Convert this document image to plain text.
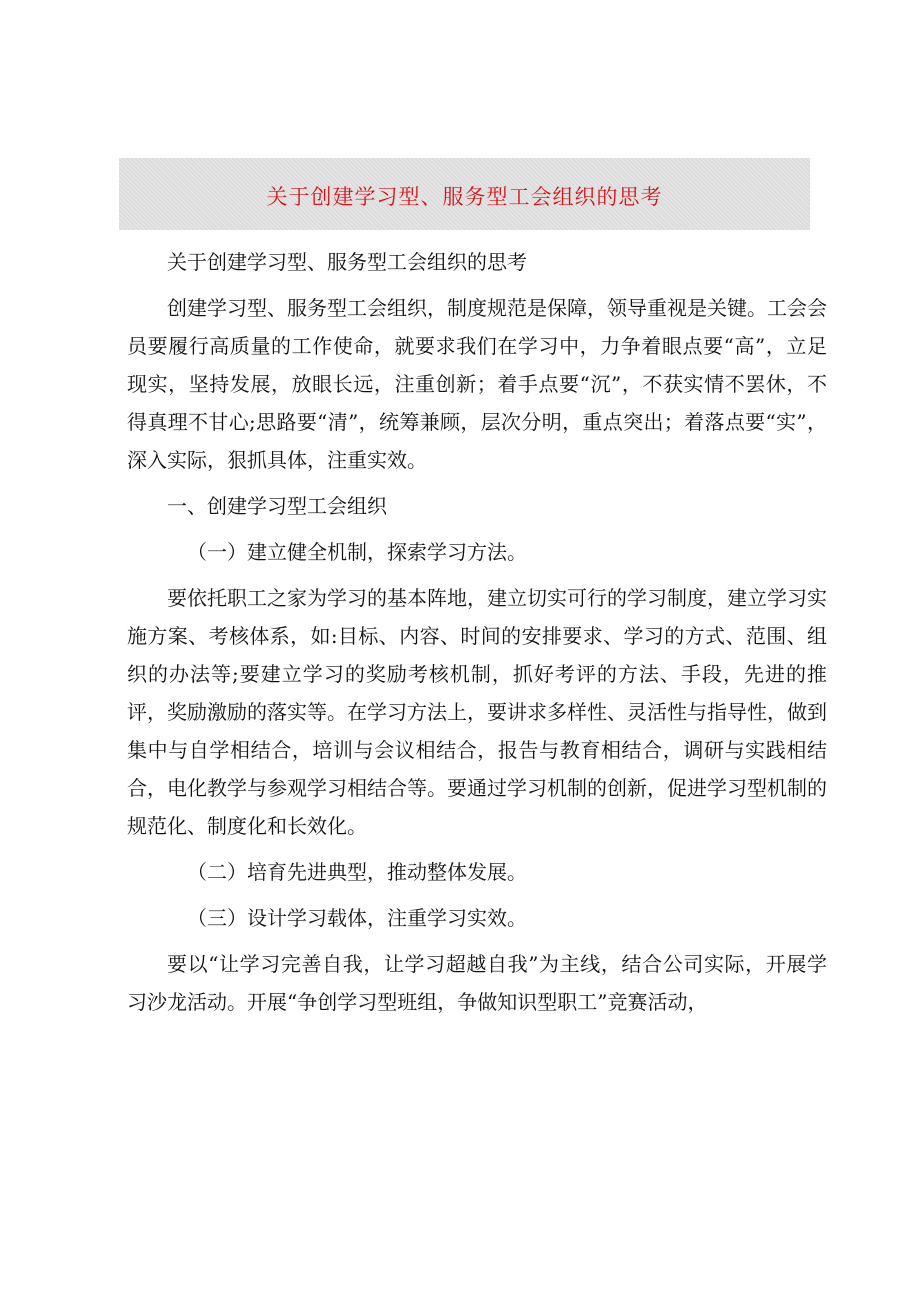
关于创建学习型、服务型工会组织的思考

关于创建学习型、服务型工会组织的思考

创建学习型、服务型工会组织，制度规范是保障，领导重视是关键。工会会员要履行高质量的工作使命，就要求我们在学习中，力争着眼点要“高”，立足现实，坚持发展，放眼长远，注重创新；着手点要“沉”，不获实情不罢休，不得真理不甘心;思路要“清”，统筹兼顾，层次分明，重点突出；着落点要“实”，深入实际，狠抓具体，注重实效。

一、创建学习型工会组织

（一）建立健全机制，探索学习方法。

要依托职工之家为学习的基本阵地，建立切实可行的学习制度，建立学习实施方案、考核体系，如:目标、内容、时间的安排要求、学习的方式、范围、组织的办法等;要建立学习的奖励考核机制，抓好考评的方法、手段，先进的推评，奖励激励的落实等。在学习方法上，要讲求多样性、灵活性与指导性，做到集中与自学相结合，培训与会议相结合，报告与教育相结合，调研与实践相结合，电化教学与参观学习相结合等。要通过学习机制的创新，促进学习型机制的规范化、制度化和长效化。

（二）培育先进典型，推动整体发展。

（三）设计学习载体，注重学习实效。

要以“让学习完善自我，让学习超越自我”为主线，结合公司实际，开展学习沙龙活动。开展“争创学习型班组，争做知识型职工”竞赛活动，
